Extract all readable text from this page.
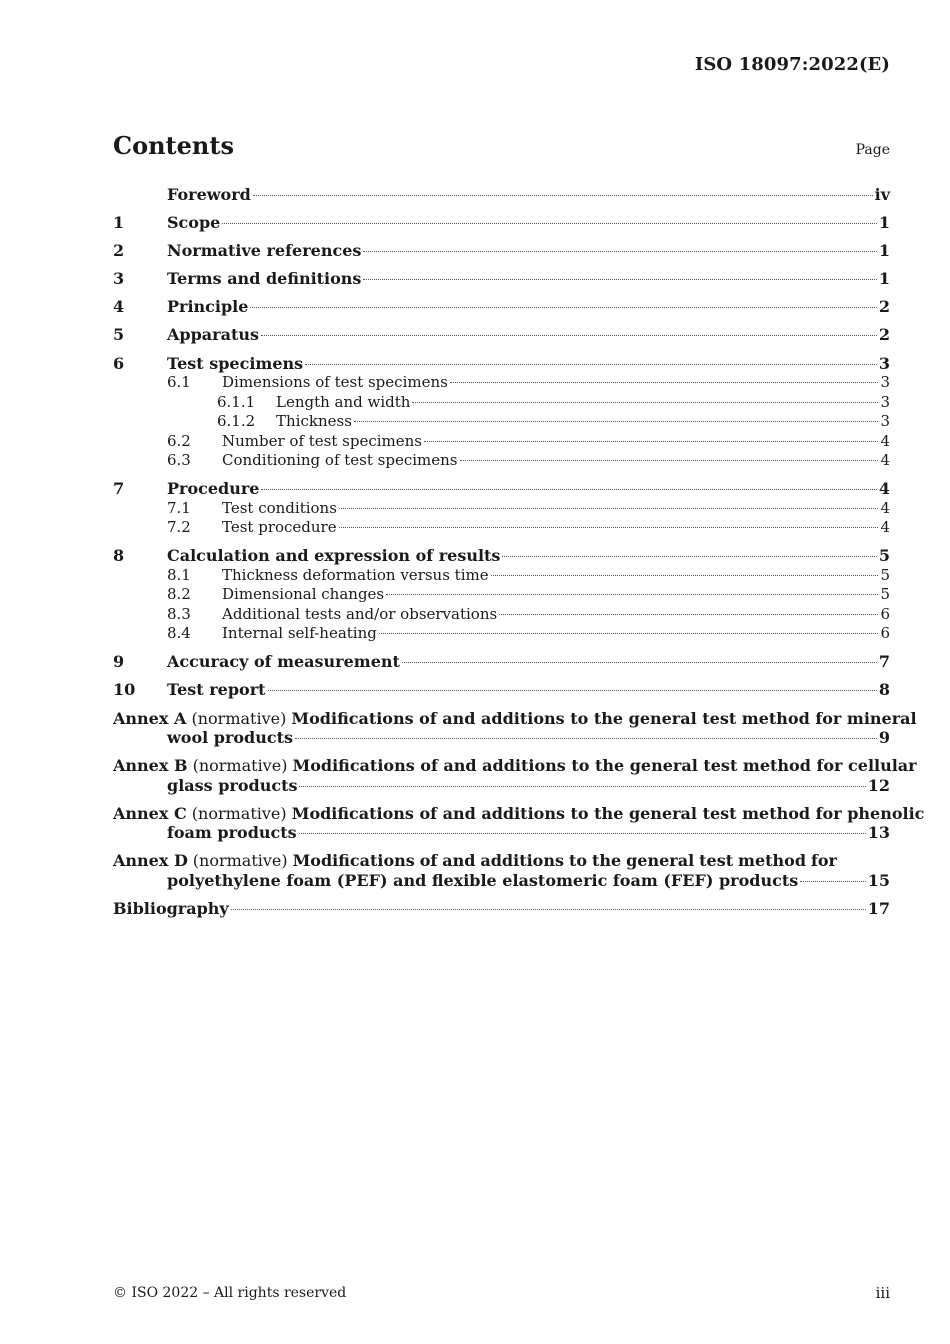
ISO 18097:2022(E)
Contents	Page
Foreword	iv
1	Scope	1
2	Normative references	1
3	Terms and definitions	1
4	Principle	2
5	Apparatus	2
6	Test specimens	3
6.1	Dimensions of test specimens	3
6.1.1	Length and width	3
6.1.2	Thickness	3
6.2	Number of test specimens	4
6.3	Conditioning of test specimens	4
7	Procedure	4
7.1	Test conditions	4
7.2	Test procedure	4
8	Calculation and expression of results	5
8.1	Thickness deformation versus time	5
8.2	Dimensional changes	5
8.3	Additional tests and/or observations	6
8.4	Internal self-heating	6
9	Accuracy of measurement	7
10	Test report	8
Annex A (normative) Modifications of and additions to the general test method for mineral
wool products	9
Annex B (normative) Modifications of and additions to the general test method for cellular
glass products	12
Annex C (normative) Modifications of and additions to the general test method for phenolic
foam products	13
Annex D (normative) Modifications of and additions to the general test method for
polyethylene foam (PEF) and flexible elastomeric foam (FEF) products	15
Bibliography	17
© ISO 2022 – All rights reserved	iii
